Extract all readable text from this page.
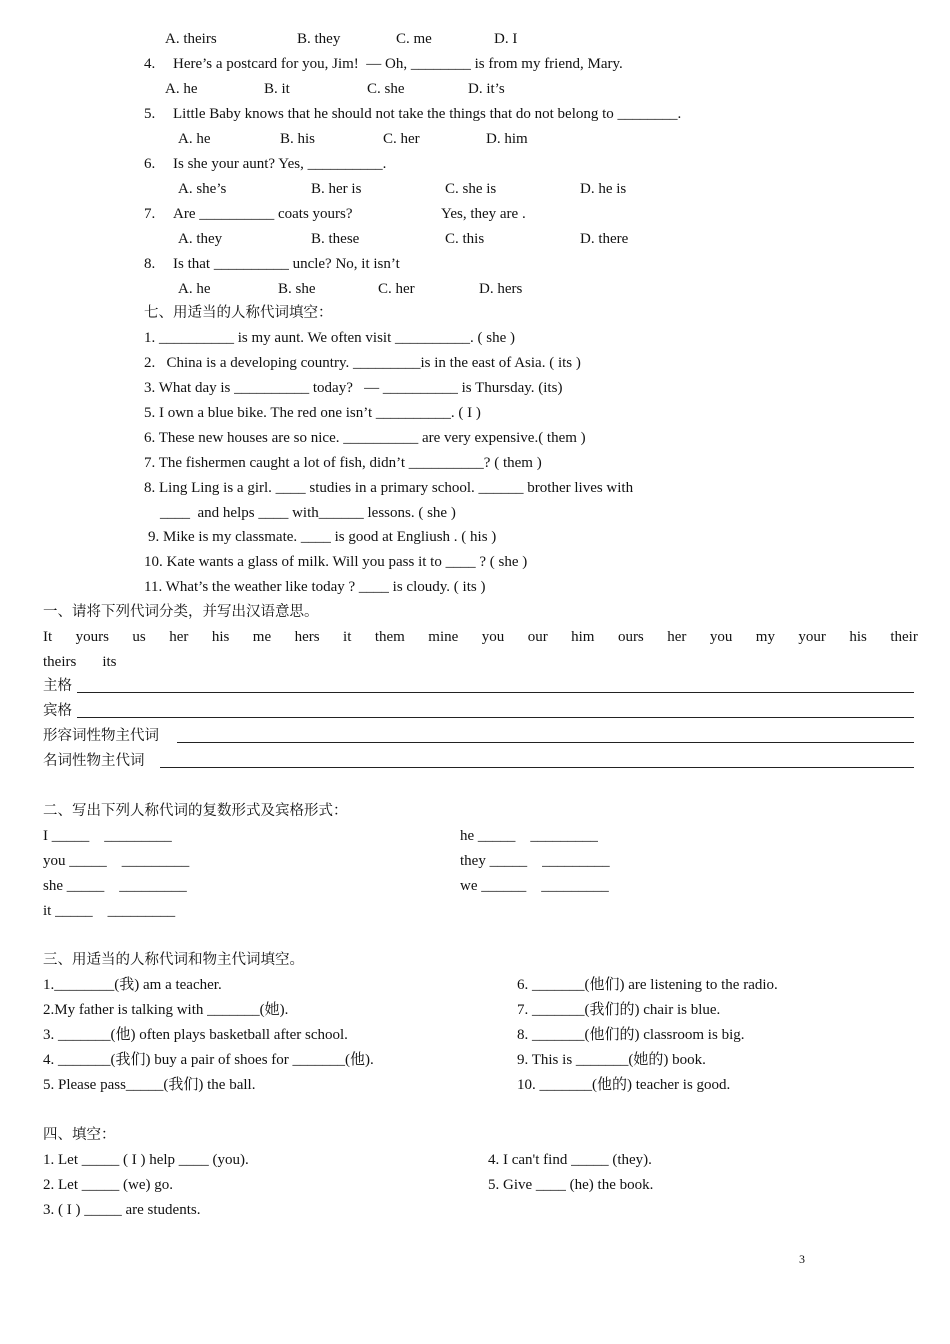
A. theirs	B. they	C. me	D. I
4. Here’s a postcard for you, Jim!  — Oh, ________ is from my friend, Mary.
A. he	B. it	C. she	D. it’s
5. Little Baby knows that he should not take the things that do not belong to ________.
A. he	B. his	C. her	D. him
6. Is she your aunt? Yes, __________.
A. she’s	B. her is	C. she is	D. he is
7. Are __________ coats yours?	Yes, they are .
A. they	B. these	C. this	D. there
8. Is that __________ uncle? No, it isn’t
A. he	B. she	C. her	D. hers
七、用适当的人称代词填空：
1. __________ is my aunt. We often visit __________. ( she )
2.   China is a developing country. _________is in the east of Asia. ( its )
3. What day is __________ today?   — __________ is Thursday. (its)
5. I own a blue bike. The red one isn’t __________. ( I )
6. These new houses are so nice. __________ are very expensive.( them )
7. The fishermen caught a lot of fish, didn’t __________? ( them )
8. Ling Ling is a girl. ____ studies in a primary school. ______ brother lives with
____  and helps ____ with______ lessons. ( she )
9. Mike is my classmate. ____ is good at Engliush . ( his )
10. Kate wants a glass of milk. Will you pass it to ____ ? ( she )
11. What’s the weather like today ? ____ is cloudy. ( its )
一、请将下列代词分类，并写出汉语意思。
It yours us her his me hers it them mine you our him ours her you my your his their
theirs its
主格
宾格
形容词性物主代词
名词性物主代词
二、写出下列人称代词的复数形式及宾格形式：
I _____    _________
you _____    _________
she _____    _________
it _____    _________
he _____    _________
they _____    _________
we ______    _________
三、用适当的人称代词和物主代词填空。
1.________(我) am a teacher.
2.My father is talking with _______(她).
3. _______(他) often plays basketball after school.
4. _______(我们) buy a pair of shoes for _______(他).
5. Please pass_____(我们) the ball.
6. _______(他们) are listening to the radio.
7. _______(我们的) chair is blue.
8. _______(他们的) classroom is big.
9. This is _______(她的) book.
10. _______(他的) teacher is good.
四、填空：
1. Let _____ ( I ) help ____ (you).
2. Let _____ (we) go.
3. ( I ) _____ are students.
4. I can't find _____ (they).
5. Give ____ (he) the book.
3
